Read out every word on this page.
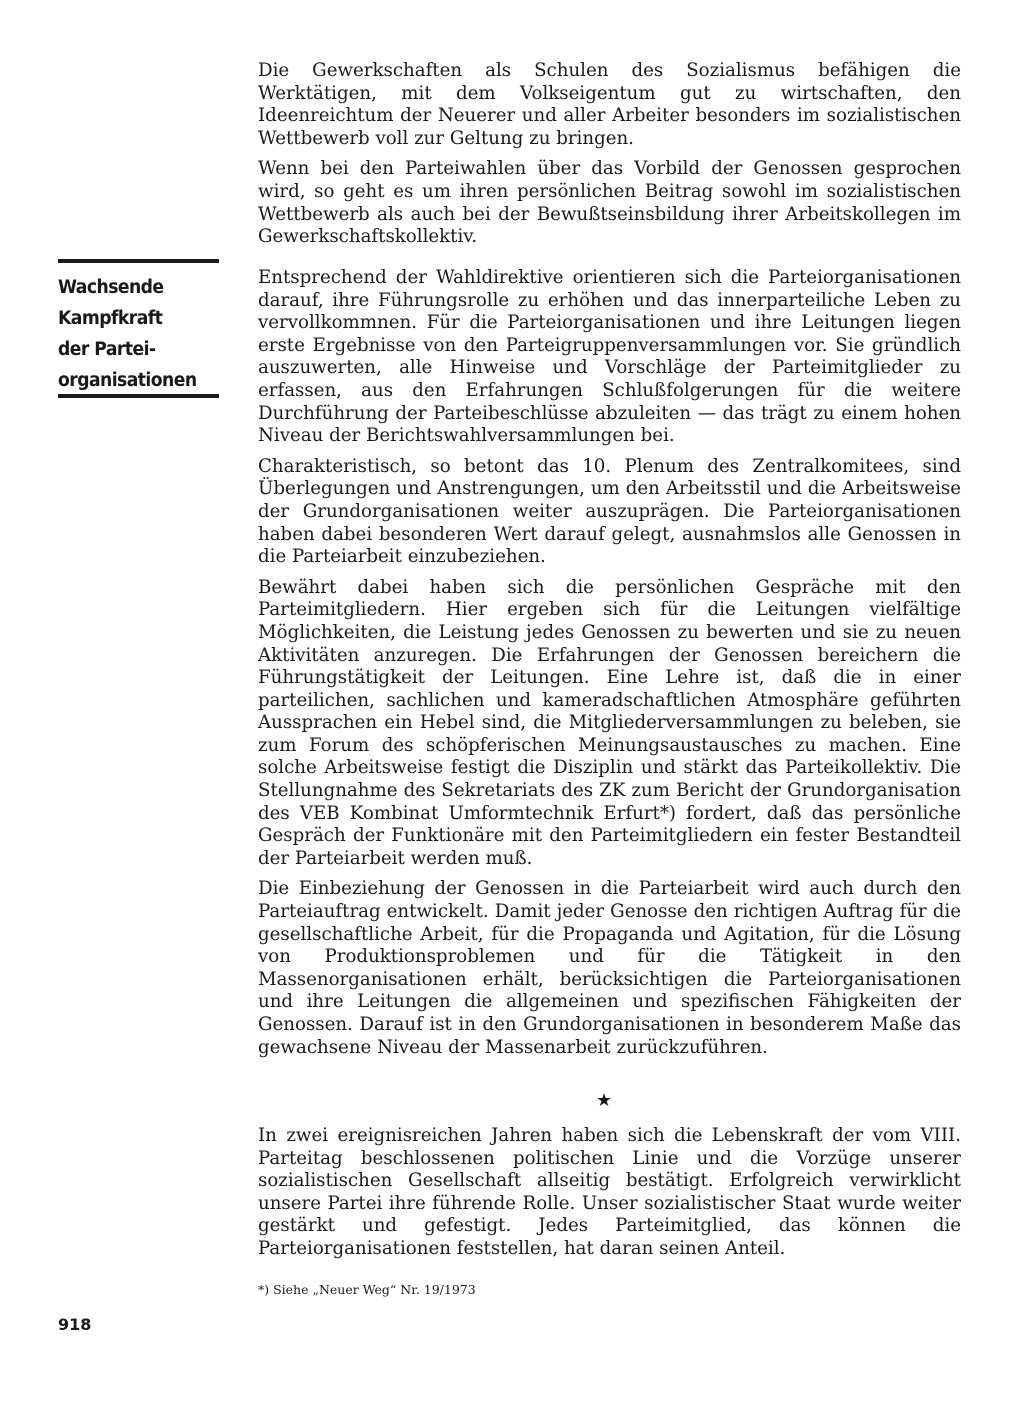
Die Gewerkschaften als Schulen des Sozialismus befähigen die Werktätigen, mit dem Volkseigentum gut zu wirtschaften, den Ideenreichtum der Neuerer und aller Arbeiter besonders im sozialistischen Wettbewerb voll zur Geltung zu bringen.

Wenn bei den Parteiwahlen über das Vorbild der Genossen gesprochen wird, so geht es um ihren persönlichen Beitrag sowohl im sozialistischen Wettbewerb als auch bei der Bewußtseinsbildung ihrer Arbeitskollegen im Gewerkschaftskollektiv.

Wachsende
Kampfkraft
der Partei-
organisationen

Entsprechend der Wahldirektive orientieren sich die Parteiorganisationen darauf, ihre Führungsrolle zu erhöhen und das innerparteiliche Leben zu vervollkommnen. Für die Parteiorganisationen und ihre Leitungen liegen erste Ergebnisse von den Parteigruppenversammlungen vor. Sie gründlich auszuwerten, alle Hinweise und Vorschläge der Parteimitglieder zu erfassen, aus den Erfahrungen Schlußfolgerungen für die weitere Durchführung der Parteibeschlüsse abzuleiten — das trägt zu einem hohen Niveau der Berichtswahlversammlungen bei.

Charakteristisch, so betont das 10. Plenum des Zentralkomitees, sind Überlegungen und Anstrengungen, um den Arbeitsstil und die Arbeitsweise der Grundorganisationen weiter auszuprägen. Die Parteiorganisationen haben dabei besonderen Wert darauf gelegt, ausnahmslos alle Genossen in die Parteiarbeit einzubeziehen.

Bewährt dabei haben sich die persönlichen Gespräche mit den Parteimitgliedern. Hier ergeben sich für die Leitungen vielfältige Möglichkeiten, die Leistung jedes Genossen zu bewerten und sie zu neuen Aktivitäten anzuregen. Die Erfahrungen der Genossen bereichern die Führungstätigkeit der Leitungen. Eine Lehre ist, daß die in einer parteilichen, sachlichen und kameradschaftlichen Atmosphäre geführten Aussprachen ein Hebel sind, die Mitgliederversammlungen zu beleben, sie zum Forum des schöpferischen Meinungsaustausches zu machen. Eine solche Arbeitsweise festigt die Disziplin und stärkt das Parteikollektiv. Die Stellungnahme des Sekretariats des ZK zum Bericht der Grundorganisation des VEB Kombinat Umformtechnik Erfurt*) fordert, daß das persönliche Gespräch der Funktionäre mit den Parteimitgliedern ein fester Bestandteil der Parteiarbeit werden muß.

Die Einbeziehung der Genossen in die Parteiarbeit wird auch durch den Parteiauftrag entwickelt. Damit jeder Genosse den richtigen Auftrag für die gesellschaftliche Arbeit, für die Propaganda und Agitation, für die Lösung von Produktionsproblemen und für die Tätigkeit in den Massenorganisationen erhält, berücksichtigen die Parteiorganisationen und ihre Leitungen die allgemeinen und spezifischen Fähigkeiten der Genossen. Darauf ist in den Grundorganisationen in besonderem Maße das gewachsene Niveau der Massenarbeit zurückzuführen.

★

In zwei ereignisreichen Jahren haben sich die Lebenskraft der vom VIII. Parteitag beschlossenen politischen Linie und die Vorzüge unserer sozialistischen Gesellschaft allseitig bestätigt. Erfolgreich verwirklicht unsere Partei ihre führende Rolle. Unser sozialistischer Staat wurde weiter gestärkt und gefestigt. Jedes Parteimitglied, das können die Parteiorganisationen feststellen, hat daran seinen Anteil.

*) Siehe „Neuer Weg“ Nr. 19/1973
918
